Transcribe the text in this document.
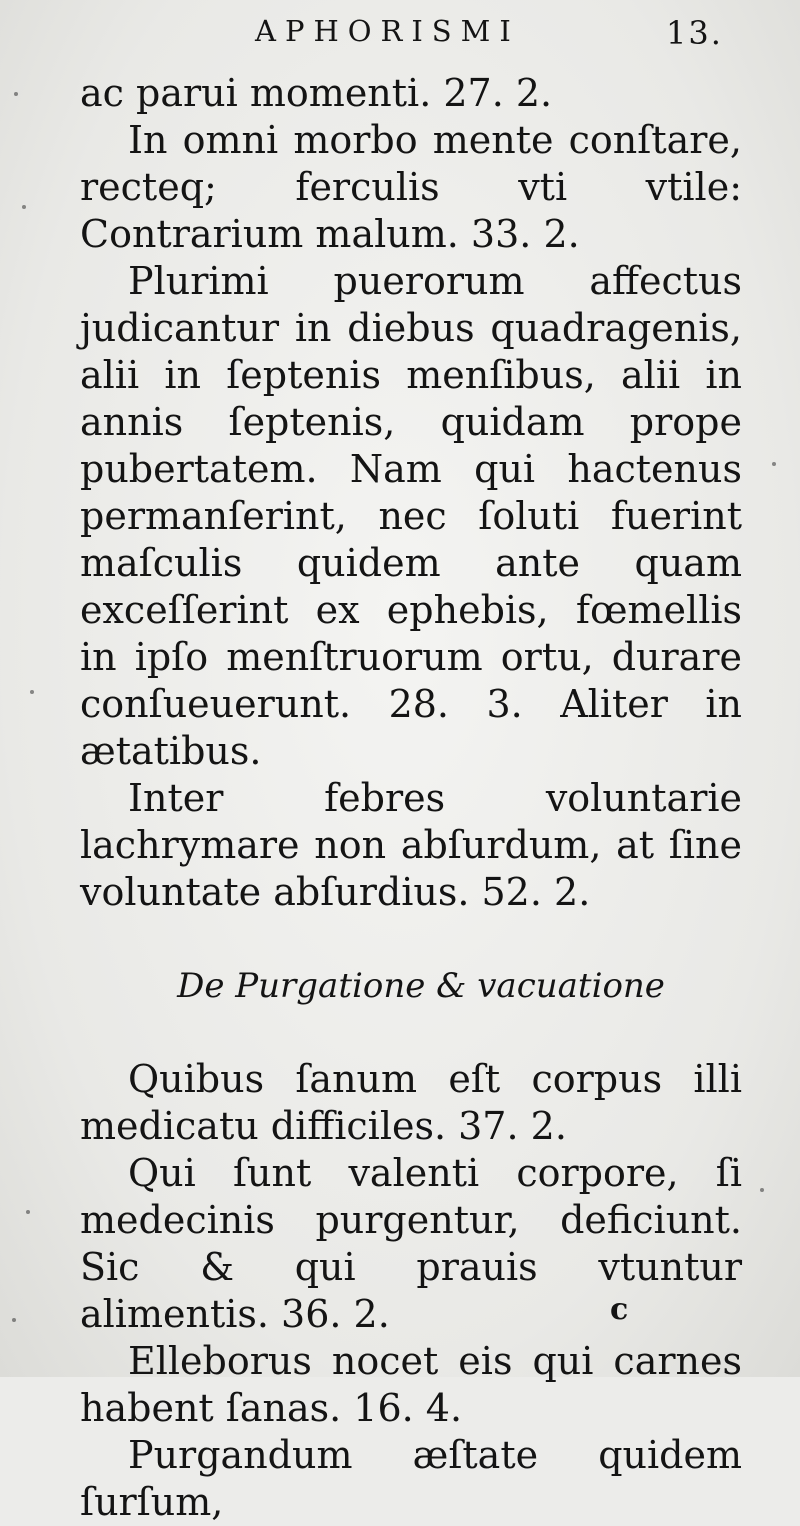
APHORISMI	13.

ac parui momenti. 27. 2.

In omni morbo mente conſtare, recteq; ferculis vti vtile: Contrarium malum. 33. 2.

Plurimi puerorum affectus judicantur in diebus quadragenis, alii in ſeptenis menſibus, alii in annis ſeptenis, quidam prope pubertatem. Nam qui hactenus permanſerint, nec ſoluti fuerint maſculis quidem ante quam exceſſerint ex ephebis, fœmellis in ipſo menſtruorum ortu, durare conſueuerunt. 28. 3. Aliter in ætatibus.

Inter febres voluntarie lachrymare non abſurdum, at ſine voluntate abſurdius. 52. 2.

De Purgatione & vacuatione

Quibus ſanum eſt corpus illi medicatu difficiles. 37. 2.

Qui ſunt valenti corpore, ſi medecinis purgentur, deficiunt. Sic & qui prauis vtuntur alimentis. 36. 2.

Elleborus nocet eis qui carnes habent ſanas. 16. 4.

Purgandum æſtate quidem ſurſum,

c
